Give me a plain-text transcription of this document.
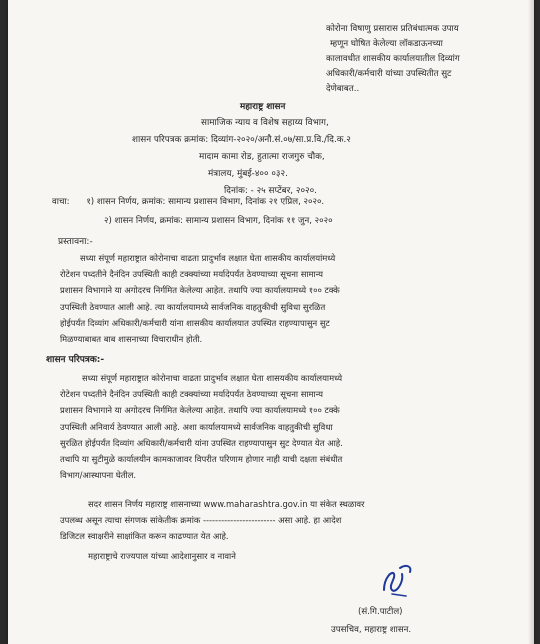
कोरोना विषाणु प्रसारास प्रतिबंधात्मक उपाय
म्हणून घोषित केलेल्या लॉकडाऊनच्या
कालावधीत शासकीय कार्यालयातील दिव्यांग
अधिकारी/कर्मचारी यांच्या उपस्थितीत सुट
देणेबाबत..
महाराष्ट्र शासन
सामाजिक न्याय व विशेष सहाय्य विभाग,
शासन परिपत्रक क्रमांक: दिव्यांग-२०२०/अनौ.सं.०७/सा.प्र.वि./दि.क.२
मादाम कामा रोड, हुतात्मा राजगुरु चौक,
मंत्रालय, मुंबई-४०० ०३२.
दिनांक: - २५ सप्टेंबर, २०२०.
वाचा: १) शासन निर्णय, क्रमांक: सामान्य प्रशासन विभाग, दिनांक २१ एप्रिल, २०२०.
२) शासन निर्णय, क्रमांक: सामान्य प्रशासन विभाग, दिनांक ११ जुन, २०२०
प्रस्तावना:-
सध्या संपूर्ण महाराष्ट्रात कोरोनाचा वाढता प्रादुर्भाव लक्षात घेता शासकीय कार्यालयांमध्ये
रोटेशन पध्दतीने दैनंदिन उपस्थिती काही टक्क्यांच्या मर्यादेपर्यंत ठेवण्याच्या सूचना सामान्य
प्रशासन विभागाने या अगोदरच निर्गमित केलेल्या आहेत. तथापि ज्या कार्यालयामध्ये १०० टक्के
उपस्थिती ठेवण्यात आली आहे. त्या कार्यालयामध्ये सार्वजनिक वाहतुकीची सुविधा सुरळित
होईपर्यंत दिव्यांग अधिकारी/कर्मचारी यांना शासकीय कार्यालयात उपस्थित राहण्यापासुन सुट
मिळण्याबाबत बाब शासनाच्या विचाराधीन होती.
शासन परिपत्रक:-
सध्या संपूर्ण महाराष्ट्रात कोरोनाचा वाढता प्रादुर्भाव लक्षात घेता शासयकीय कार्यालयामध्ये
रोटेशन पध्दतीने दैनंदिन उपस्थिती काही टक्क्यांच्या मर्यादेपर्यंत ठेवण्याच्या सूचना सामान्य
प्रशासन विभागाने या अगोदरच निर्गमित केलेल्या आहेत. तथापि ज्या कार्यालयामध्ये १०० टक्के
उपस्थिती अनिवार्य ठेवण्यात आली आहे. अशा कार्यालयामध्ये सार्वजनिक वाहतुकीची सुविधा
सुरळित होईपर्यंत दिव्यांग अधिकारी/कर्मचारी यांना उपस्थित राहण्यापासुन सुट देण्यात येत आहे.
तथापि या सुटीमुळे कार्यालयीन कामकाजावर विपरीत परिणाम होणार नाही याची दक्षता संबंधीत
विभाग/आस्थापना घेतील.
सदर शासन निर्णय महाराष्ट्र शासनाच्या www.maharashtra.gov.in या संकेत स्थळावर
उपलब्ध असून त्याचा संगणक सांकेतीक क्रमांक ------------------------ असा आहे. हा आदेश
डिजिटल स्वाक्षरीने साक्षांकित करून काढण्यात येत आहे.
महाराष्ट्राचे राज्यपाल यांच्या आदेशानुसार व नावाने
(सं.गि.पाटील)
उपसचिव, महाराष्ट्र शासन.
